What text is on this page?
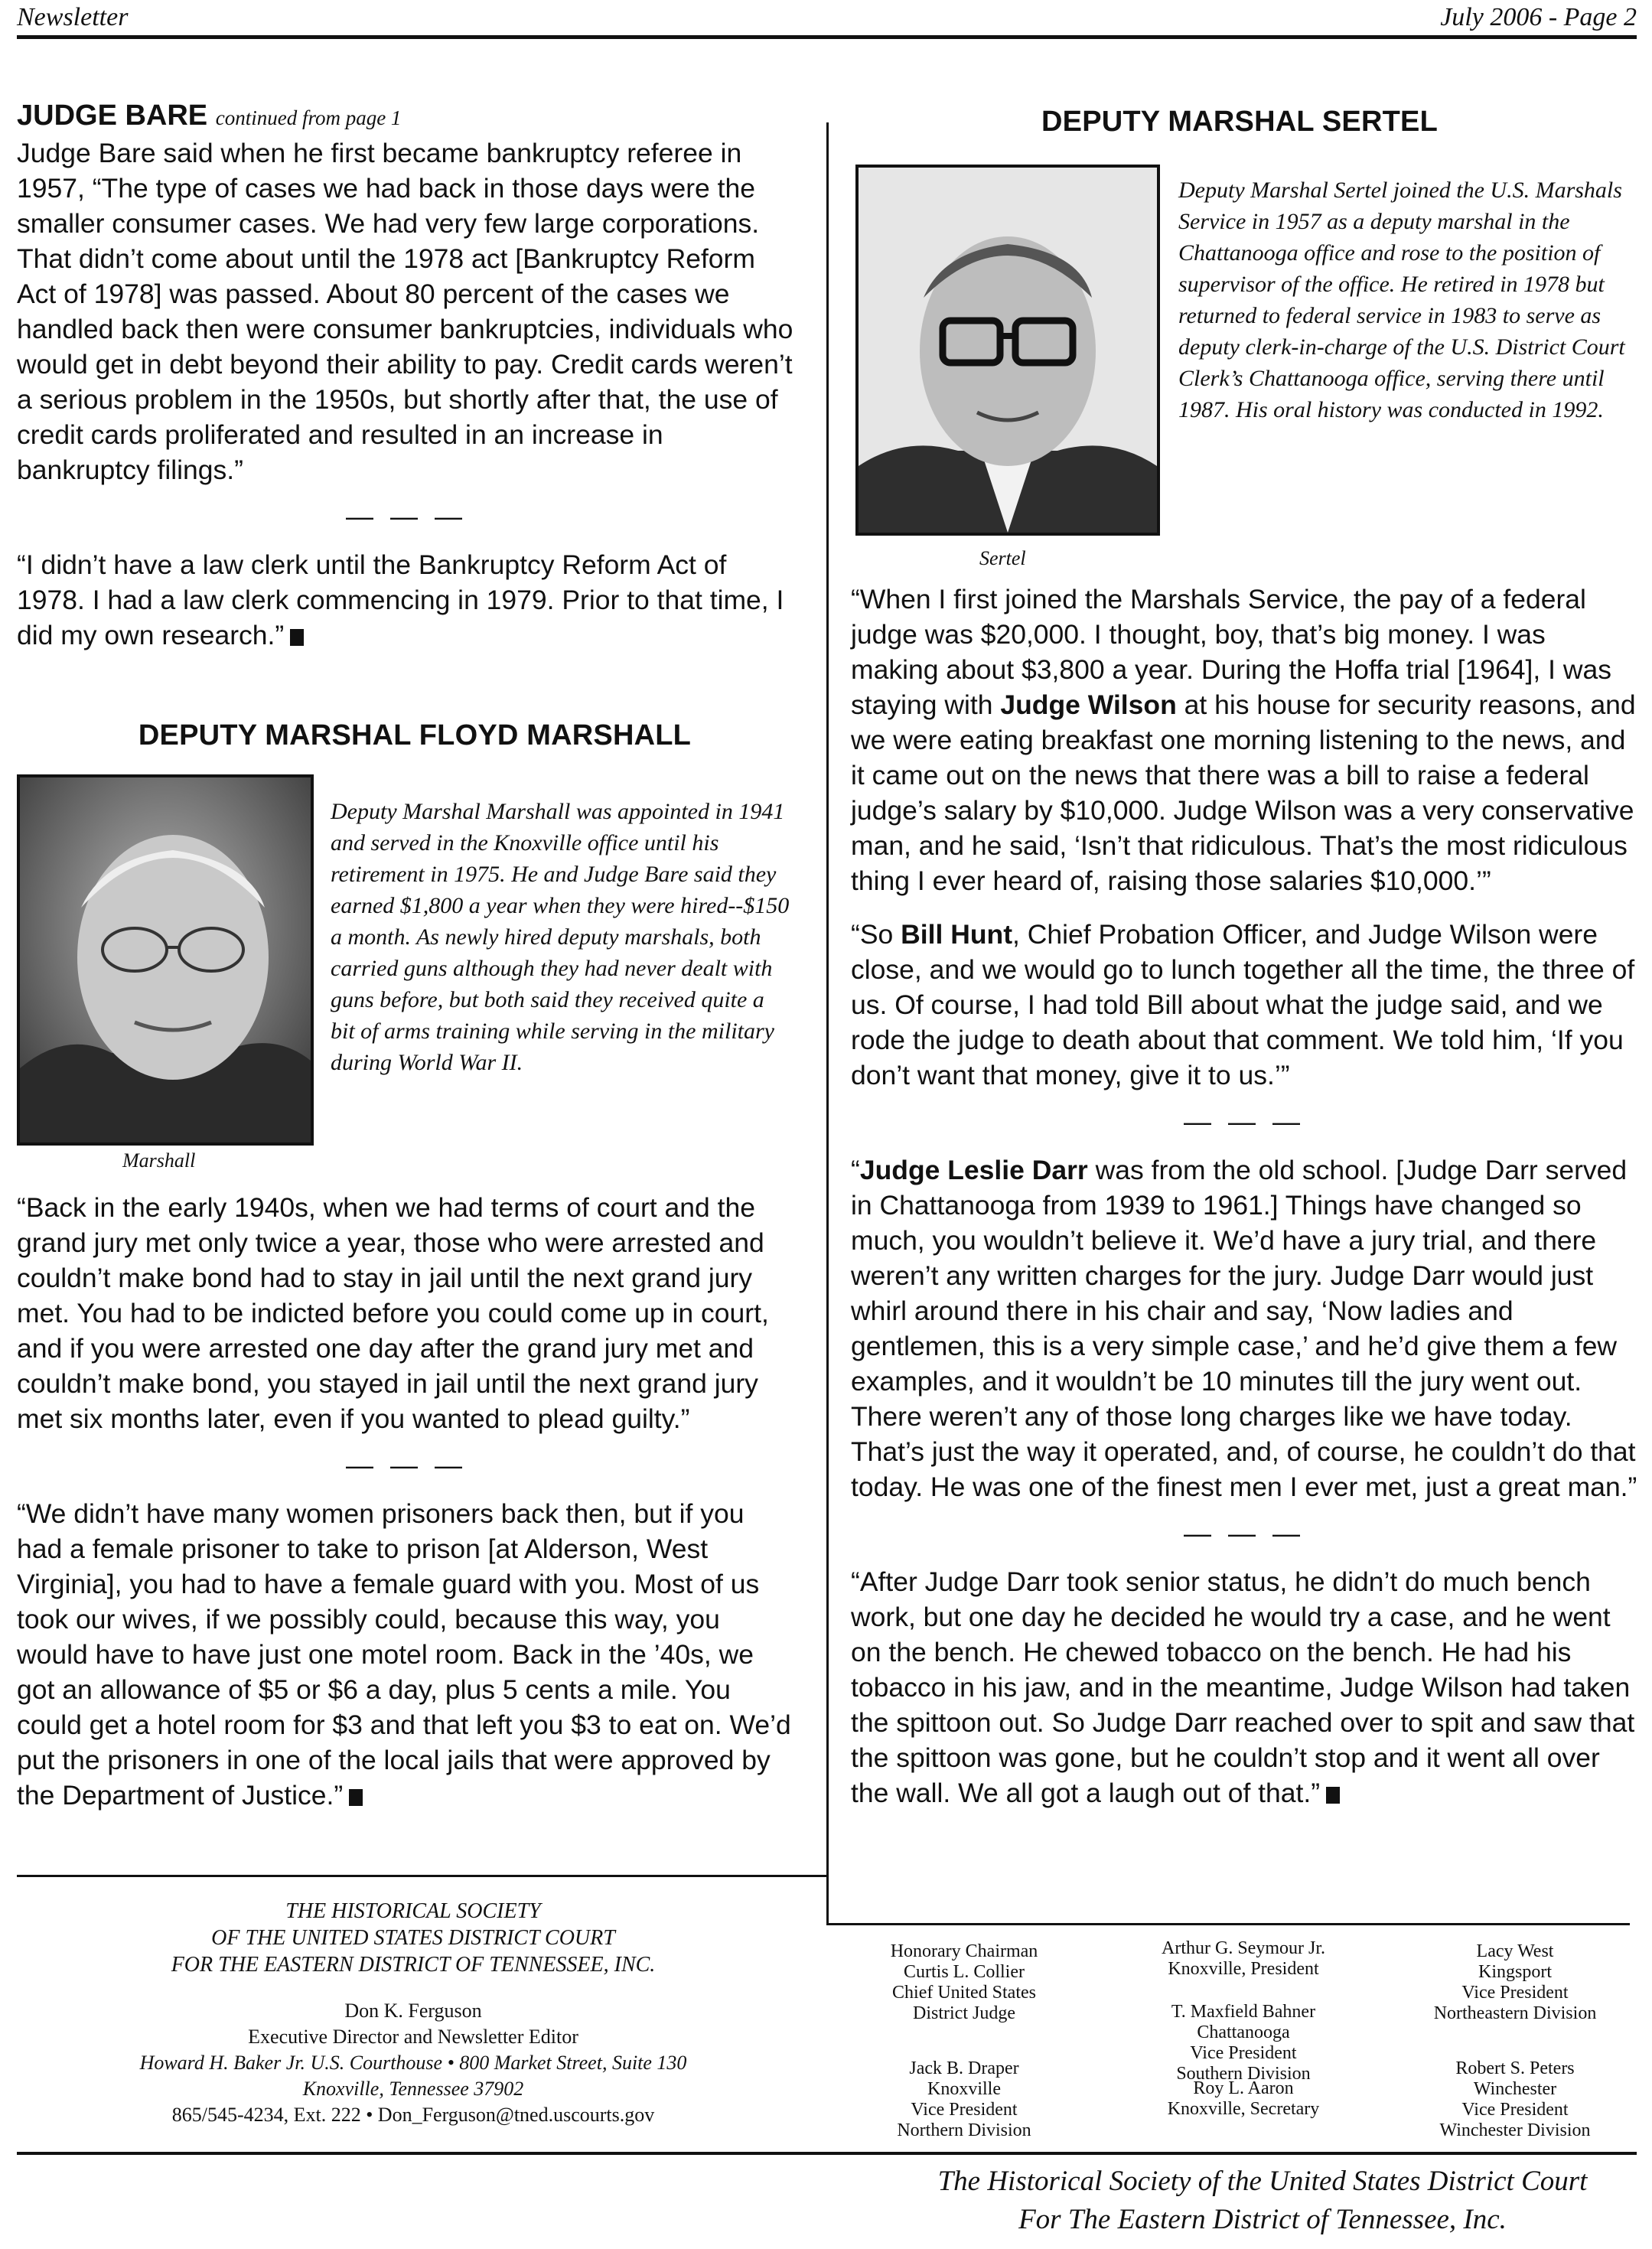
Newsletter	July 2006 - Page 2
JUDGE BARE continued from page 1

Judge Bare said when he first became bankruptcy referee in 1957, “The type of cases we had back in those days were the smaller consumer cases. We had very few large corporations. That didn’t come about until the 1978 act [Bankruptcy Reform Act of 1978] was passed. About 80 percent of the cases we handled back then were consumer bankruptcies, individuals who would get in debt beyond their ability to pay. Credit cards weren’t a serious problem in the 1950s, but shortly after that, the use of credit cards proliferated and resulted in an increase in bankruptcy filings.”

— — —

“I didn’t have a law clerk until the Bankruptcy Reform Act of 1978. I had a law clerk commencing in 1979. Prior to that time, I did my own research.”

DEPUTY MARSHAL FLOYD MARSHALL
Marshall
Deputy Marshal Marshall was appointed in 1941 and served in the Knoxville office until his retirement in 1975. He and Judge Bare said they earned $1,800 a year when they were hired--$150 a month. As newly hired deputy marshals, both carried guns although they had never dealt with guns before, but both said they received quite a bit of arms training while serving in the military during World War II.

“Back in the early 1940s, when we had terms of court and the grand jury met only twice a year, those who were arrested and couldn’t make bond had to stay in jail until the next grand jury met. You had to be indicted before you could come up in court, and if you were arrested one day after the grand jury met and couldn’t make bond, you stayed in jail until the next grand jury met six months later, even if you wanted to plead guilty.”

— — —

“We didn’t have many women prisoners back then, but if you had a female prisoner to take to prison [at Alderson, West Virginia], you had to have a female guard with you. Most of us took our wives, if we possibly could, because this way, you would have to have just one motel room. Back in the ’40s, we got an allowance of $5 or $6 a day, plus 5 cents a mile. You could get a hotel room for $3 and that left you $3 to eat on. We’d put the prisoners in one of the local jails that were approved by the Department of Justice.”

DEPUTY MARSHAL SERTEL
Sertel
Deputy Marshal Sertel joined the U.S. Marshals Service in 1957 as a deputy marshal in the Chattanooga office and rose to the position of supervisor of the office. He retired in 1978 but returned to federal service in 1983 to serve as deputy clerk-in-charge of the U.S. District Court Clerk’s Chattanooga office, serving there until 1987. His oral history was conducted in 1992.

“When I first joined the Marshals Service, the pay of a federal judge was $20,000. I thought, boy, that’s big money. I was making about $3,800 a year. During the Hoffa trial [1964], I was staying with Judge Wilson at his house for security reasons, and we were eating breakfast one morning listening to the news, and it came out on the news that there was a bill to raise a federal judge’s salary by $10,000. Judge Wilson was a very conservative man, and he said, ‘Isn’t that ridiculous. That’s the most ridiculous thing I ever heard of, raising those salaries $10,000.’”

“So Bill Hunt, Chief Probation Officer, and Judge Wilson were close, and we would go to lunch together all the time, the three of us. Of course, I had told Bill about what the judge said, and we rode the judge to death about that comment. We told him, ‘If you don’t want that money, give it to us.’”

— — —

“Judge Leslie Darr was from the old school. [Judge Darr served in Chattanooga from 1939 to 1961.] Things have changed so much, you wouldn’t believe it. We’d have a jury trial, and there weren’t any written charges for the jury. Judge Darr would just whirl around there in his chair and say, ‘Now ladies and gentlemen, this is a very simple case,’ and he’d give them a few examples, and it wouldn’t be 10 minutes till the jury went out. There weren’t any of those long charges like we have today. That’s just the way it operated, and, of course, he couldn’t do that today. He was one of the finest men I ever met, just a great man.”

— — —

“After Judge Darr took senior status, he didn’t do much bench work, but one day he decided he would try a case, and he went on the bench. He chewed tobacco on the bench. He had his tobacco in his jaw, and in the meantime, Judge Wilson had taken the spittoon out. So Judge Darr reached over to spit and saw that the spittoon was gone, but he couldn’t stop and it went all over the wall. We all got a laugh out of that.”

THE HISTORICAL SOCIETY
OF THE UNITED STATES DISTRICT COURT
FOR THE EASTERN DISTRICT OF TENNESSEE, INC.
Don K. Ferguson
Executive Director and Newsletter Editor
Howard H. Baker Jr. U.S. Courthouse • 800 Market Street, Suite 130
Knoxville, Tennessee 37902
865/545-4234, Ext. 222 • Don_Ferguson@tned.uscourts.gov
Honorary Chairman
Curtis L. Collier
Chief United States
District Judge
Arthur G. Seymour Jr.
Knoxville, President
Lacy West
Kingsport
Vice President
Northeastern Division
T. Maxfield Bahner
Chattanooga
Vice President
Southern Division
Jack B. Draper
Knoxville
Vice President
Northern Division
Roy L. Aaron
Knoxville, Secretary
Robert S. Peters
Winchester
Vice President
Winchester Division
The Historical Society of the United States District Court
For The Eastern District of Tennessee, Inc.
